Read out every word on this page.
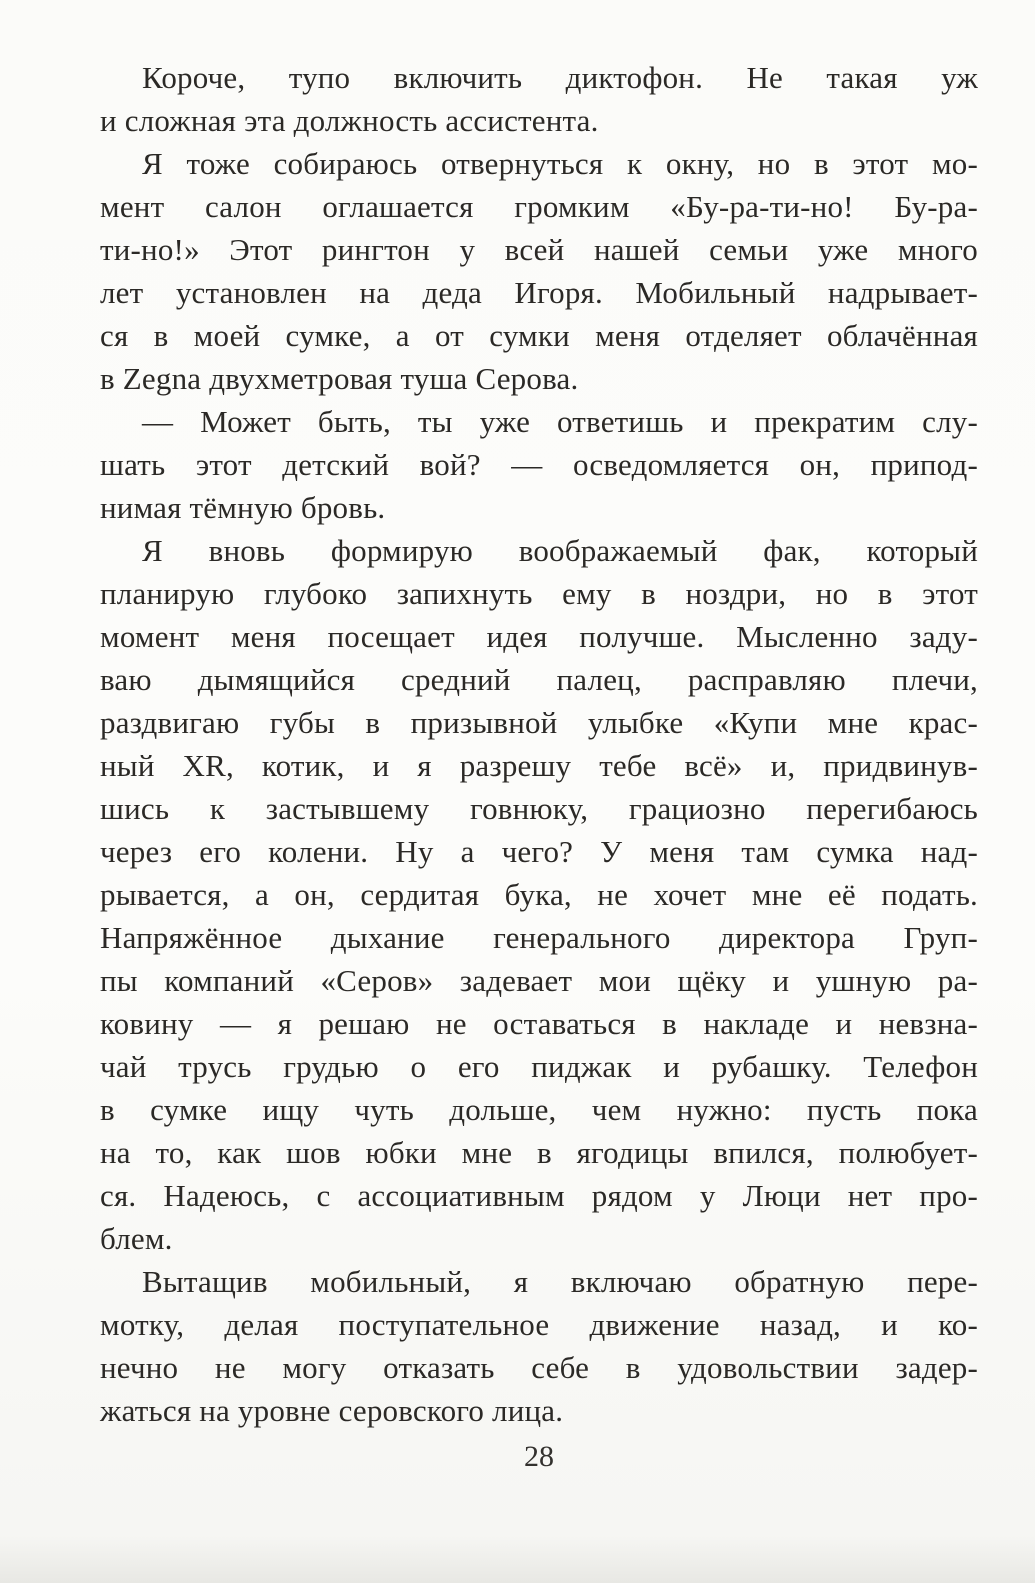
Короче, тупо включить диктофон. Не такая уж
и сложная эта должность ассистента.
Я тоже собираюсь отвернуться к окну, но в этот мо-
мент салон оглашается громким «Бу-ра-ти-но! Бу-ра-
ти-но!» Этот рингтон у всей нашей семьи уже много
лет установлен на деда Игоря. Мобильный надрывает-
ся в моей сумке, а от сумки меня отделяет облачённая
в Zegna двухметровая туша Серова.
— Может быть, ты уже ответишь и прекратим слу-
шать этот детский вой? — осведомляется он, припод-
нимая тёмную бровь.
Я вновь формирую воображаемый фак, который
планирую глубоко запихнуть ему в ноздри, но в этот
момент меня посещает идея получше. Мысленно заду-
ваю дымящийся средний палец, расправляю плечи,
раздвигаю губы в призывной улыбке «Купи мне крас-
ный XR, котик, и я разрешу тебе всё» и, придвинув-
шись к застывшему говнюку, грациозно перегибаюсь
через его колени. Ну а чего? У меня там сумка над-
рывается, а он, сердитая бука, не хочет мне её подать.
Напряжённое дыхание генерального директора Груп-
пы компаний «Серов» задевает мои щёку и ушную ра-
ковину — я решаю не оставаться в накладе и невзна-
чай трусь грудью о его пиджак и рубашку. Телефон
в сумке ищу чуть дольше, чем нужно: пусть пока
на то, как шов юбки мне в ягодицы впился, полюбует-
ся. Надеюсь, с ассоциативным рядом у Люци нет про-
блем.
Вытащив мобильный, я включаю обратную пере-
мотку, делая поступательное движение назад, и ко-
нечно не могу отказать себе в удовольствии задер-
жаться на уровне серовского лица.
28
